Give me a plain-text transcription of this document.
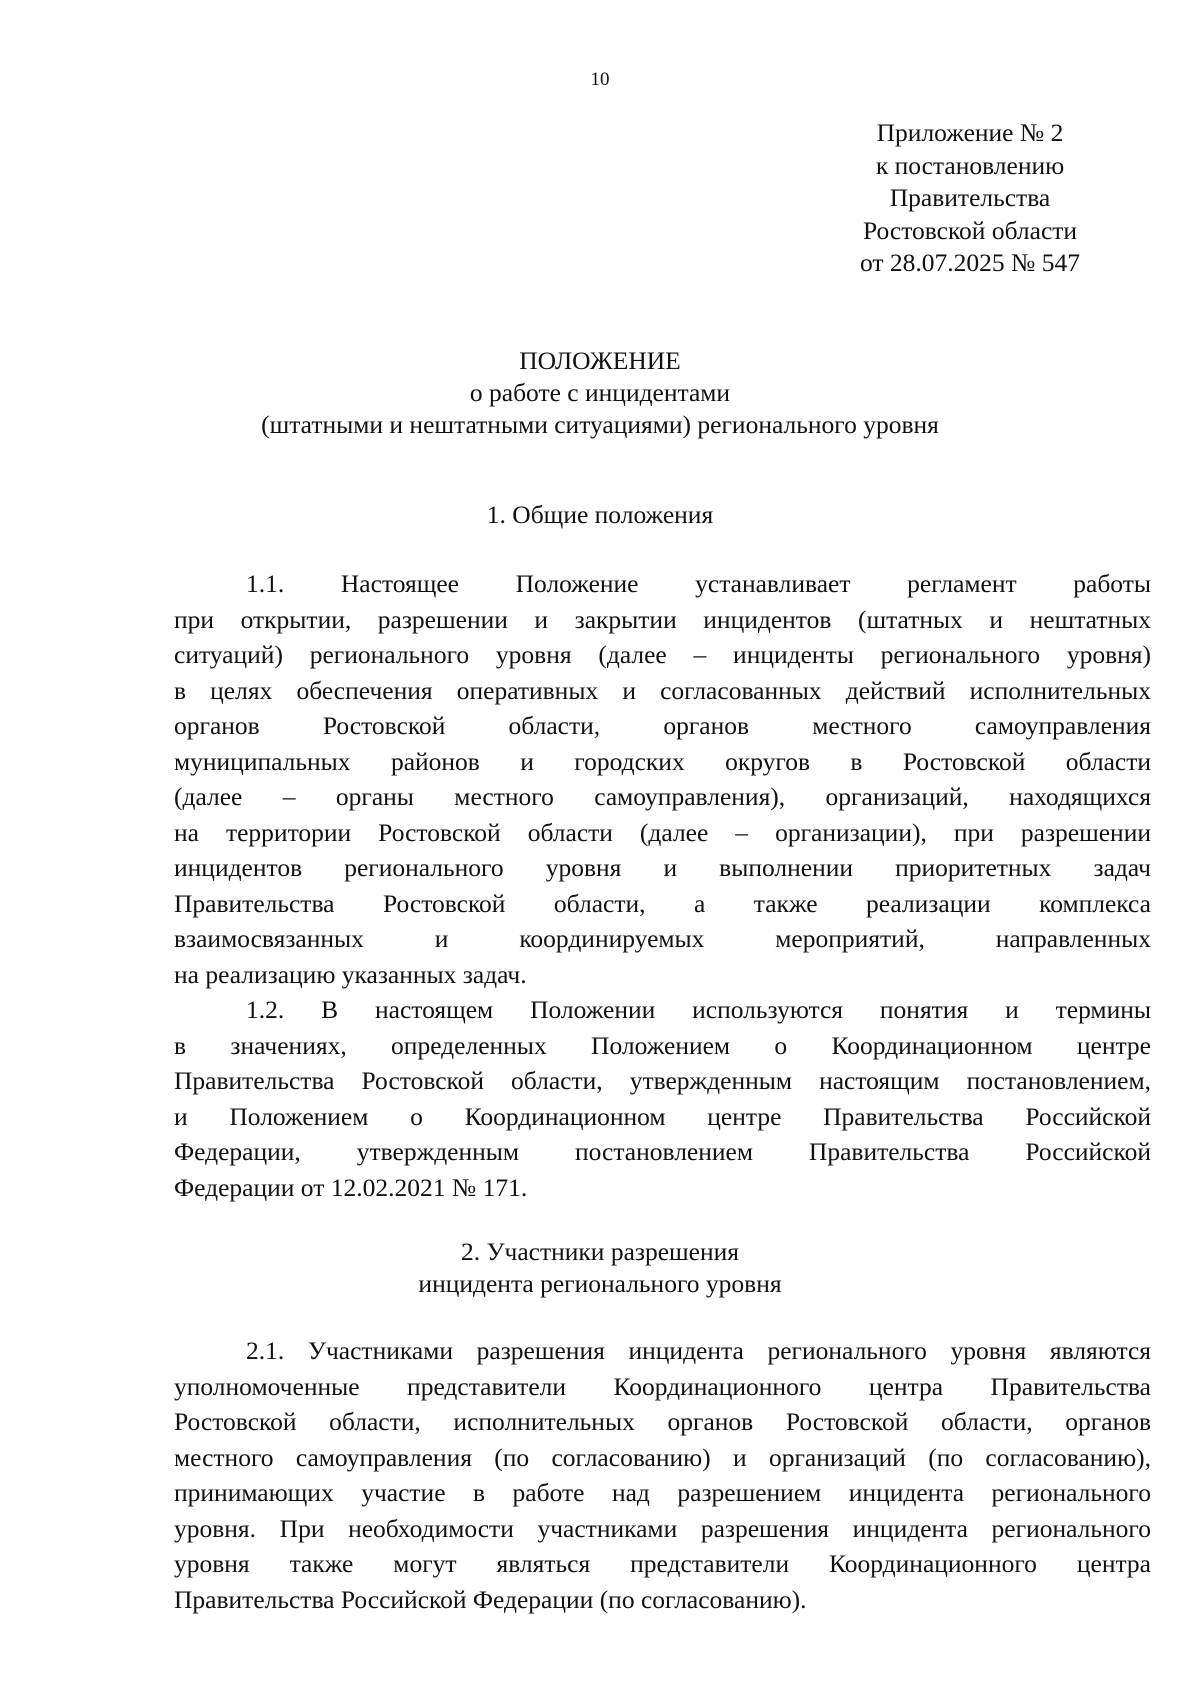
10
Приложение № 2
к постановлению
Правительства
Ростовской области
от 28.07.2025 № 547
ПОЛОЖЕНИЕ
о работе с инцидентами
(штатными и нештатными ситуациями) регионального уровня
1. Общие положения
1.1. Настоящее Положение устанавливает регламент работы
при открытии, разрешении и закрытии инцидентов (штатных и нештатных
ситуаций) регионального уровня (далее – инциденты регионального уровня)
в целях обеспечения оперативных и согласованных действий исполнительных
органов Ростовской области, органов местного самоуправления
муниципальных районов и городских округов в Ростовской области
(далее – органы местного самоуправления), организаций, находящихся
на территории Ростовской области (далее – организации), при разрешении
инцидентов регионального уровня и выполнении приоритетных задач
Правительства Ростовской области, а также реализации комплекса
взаимосвязанных и координируемых мероприятий, направленных
на реализацию указанных задач.
1.2. В настоящем Положении используются понятия и термины
в значениях, определенных Положением о Координационном центре
Правительства Ростовской области, утвержденным настоящим постановлением,
и Положением о Координационном центре Правительства Российской
Федерации, утвержденным постановлением Правительства Российской
Федерации от 12.02.2021 № 171.
2. Участники разрешения
инцидента регионального уровня
2.1. Участниками разрешения инцидента регионального уровня являются
уполномоченные представители Координационного центра Правительства
Ростовской области, исполнительных органов Ростовской области, органов
местного самоуправления (по согласованию) и организаций (по согласованию),
принимающих участие в работе над разрешением инцидента регионального
уровня. При необходимости участниками разрешения инцидента регионального
уровня также могут являться представители Координационного центра
Правительства Российской Федерации (по согласованию).
